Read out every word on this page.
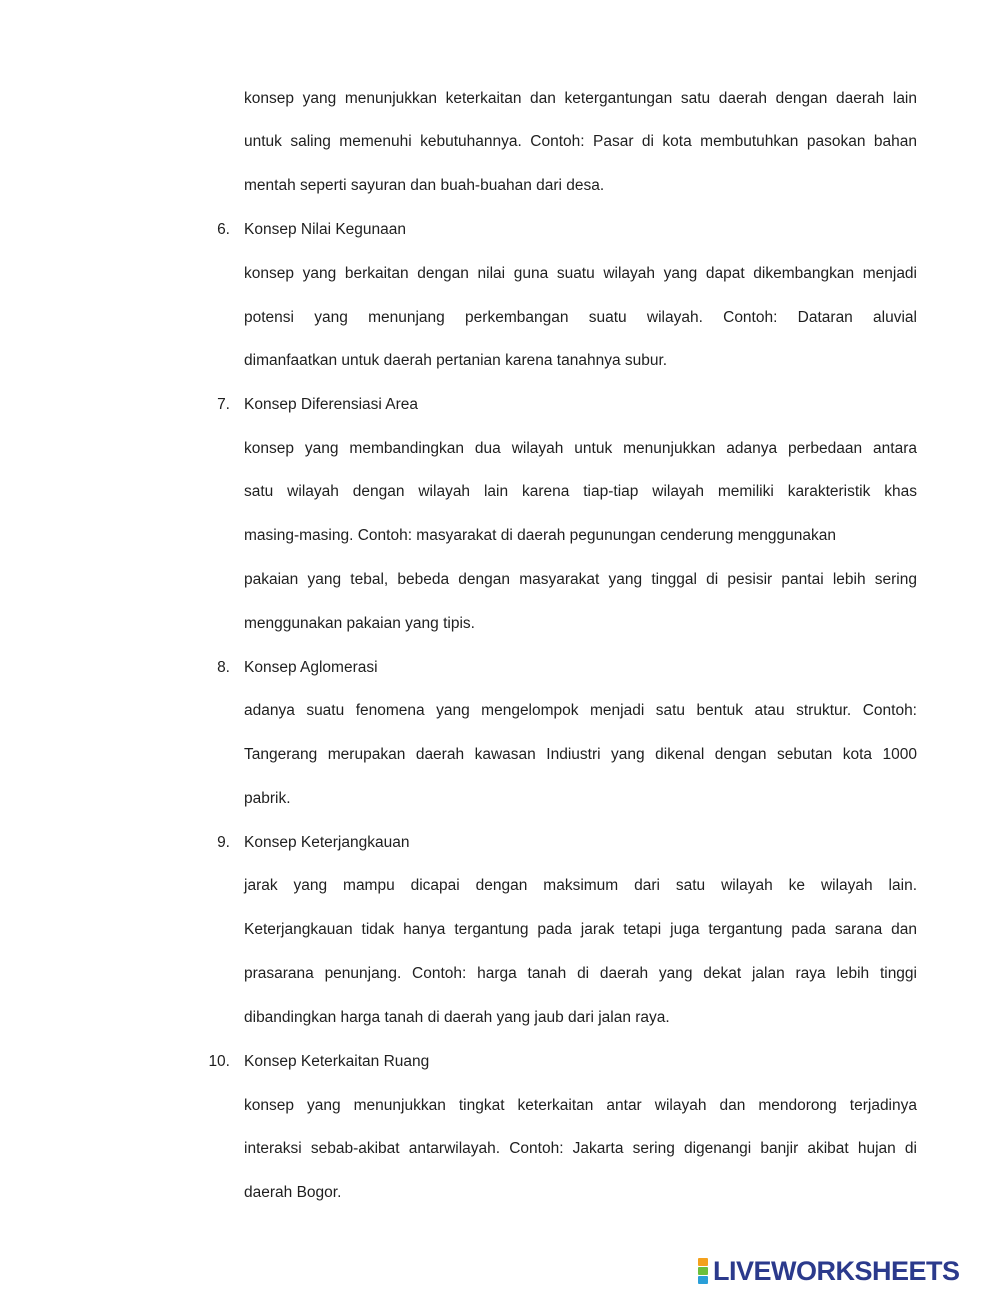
konsep yang menunjukkan keterkaitan dan ketergantungan satu daerah dengan daerah lain
untuk saling memenuhi kebutuhannya. Contoh: Pasar di kota membutuhkan pasokan bahan
mentah seperti sayuran dan buah-buahan dari desa.
6. Konsep Nilai Kegunaan
konsep yang berkaitan dengan nilai guna suatu wilayah yang dapat dikembangkan menjadi
potensi yang menunjang perkembangan suatu wilayah. Contoh: Dataran aluvial
dimanfaatkan untuk daerah pertanian karena tanahnya subur.
7. Konsep Diferensiasi Area
konsep yang membandingkan dua wilayah untuk menunjukkan adanya perbedaan antara
satu wilayah dengan wilayah lain karena tiap-tiap wilayah memiliki karakteristik khas
masing-masing. Contoh: masyarakat di daerah pegunungan cenderung menggunakan
pakaian yang tebal, bebeda dengan masyarakat yang tinggal di pesisir pantai lebih sering
menggunakan pakaian yang tipis.
8. Konsep Aglomerasi
adanya suatu fenomena yang mengelompok menjadi satu bentuk atau struktur. Contoh:
Tangerang merupakan daerah kawasan Indiustri yang dikenal dengan sebutan kota 1000
pabrik.
9. Konsep Keterjangkauan
jarak yang mampu dicapai dengan maksimum dari satu wilayah ke wilayah lain.
Keterjangkauan tidak hanya tergantung pada jarak tetapi juga tergantung pada sarana dan
prasarana penunjang. Contoh: harga tanah di daerah yang dekat jalan raya lebih tinggi
dibandingkan harga tanah di daerah yang jaub dari jalan raya.
10. Konsep Keterkaitan Ruang
konsep yang menunjukkan tingkat keterkaitan antar wilayah dan mendorong terjadinya
interaksi sebab-akibat antarwilayah. Contoh: Jakarta sering digenangi banjir akibat hujan di
daerah Bogor.
LIVEWORKSHEETS
